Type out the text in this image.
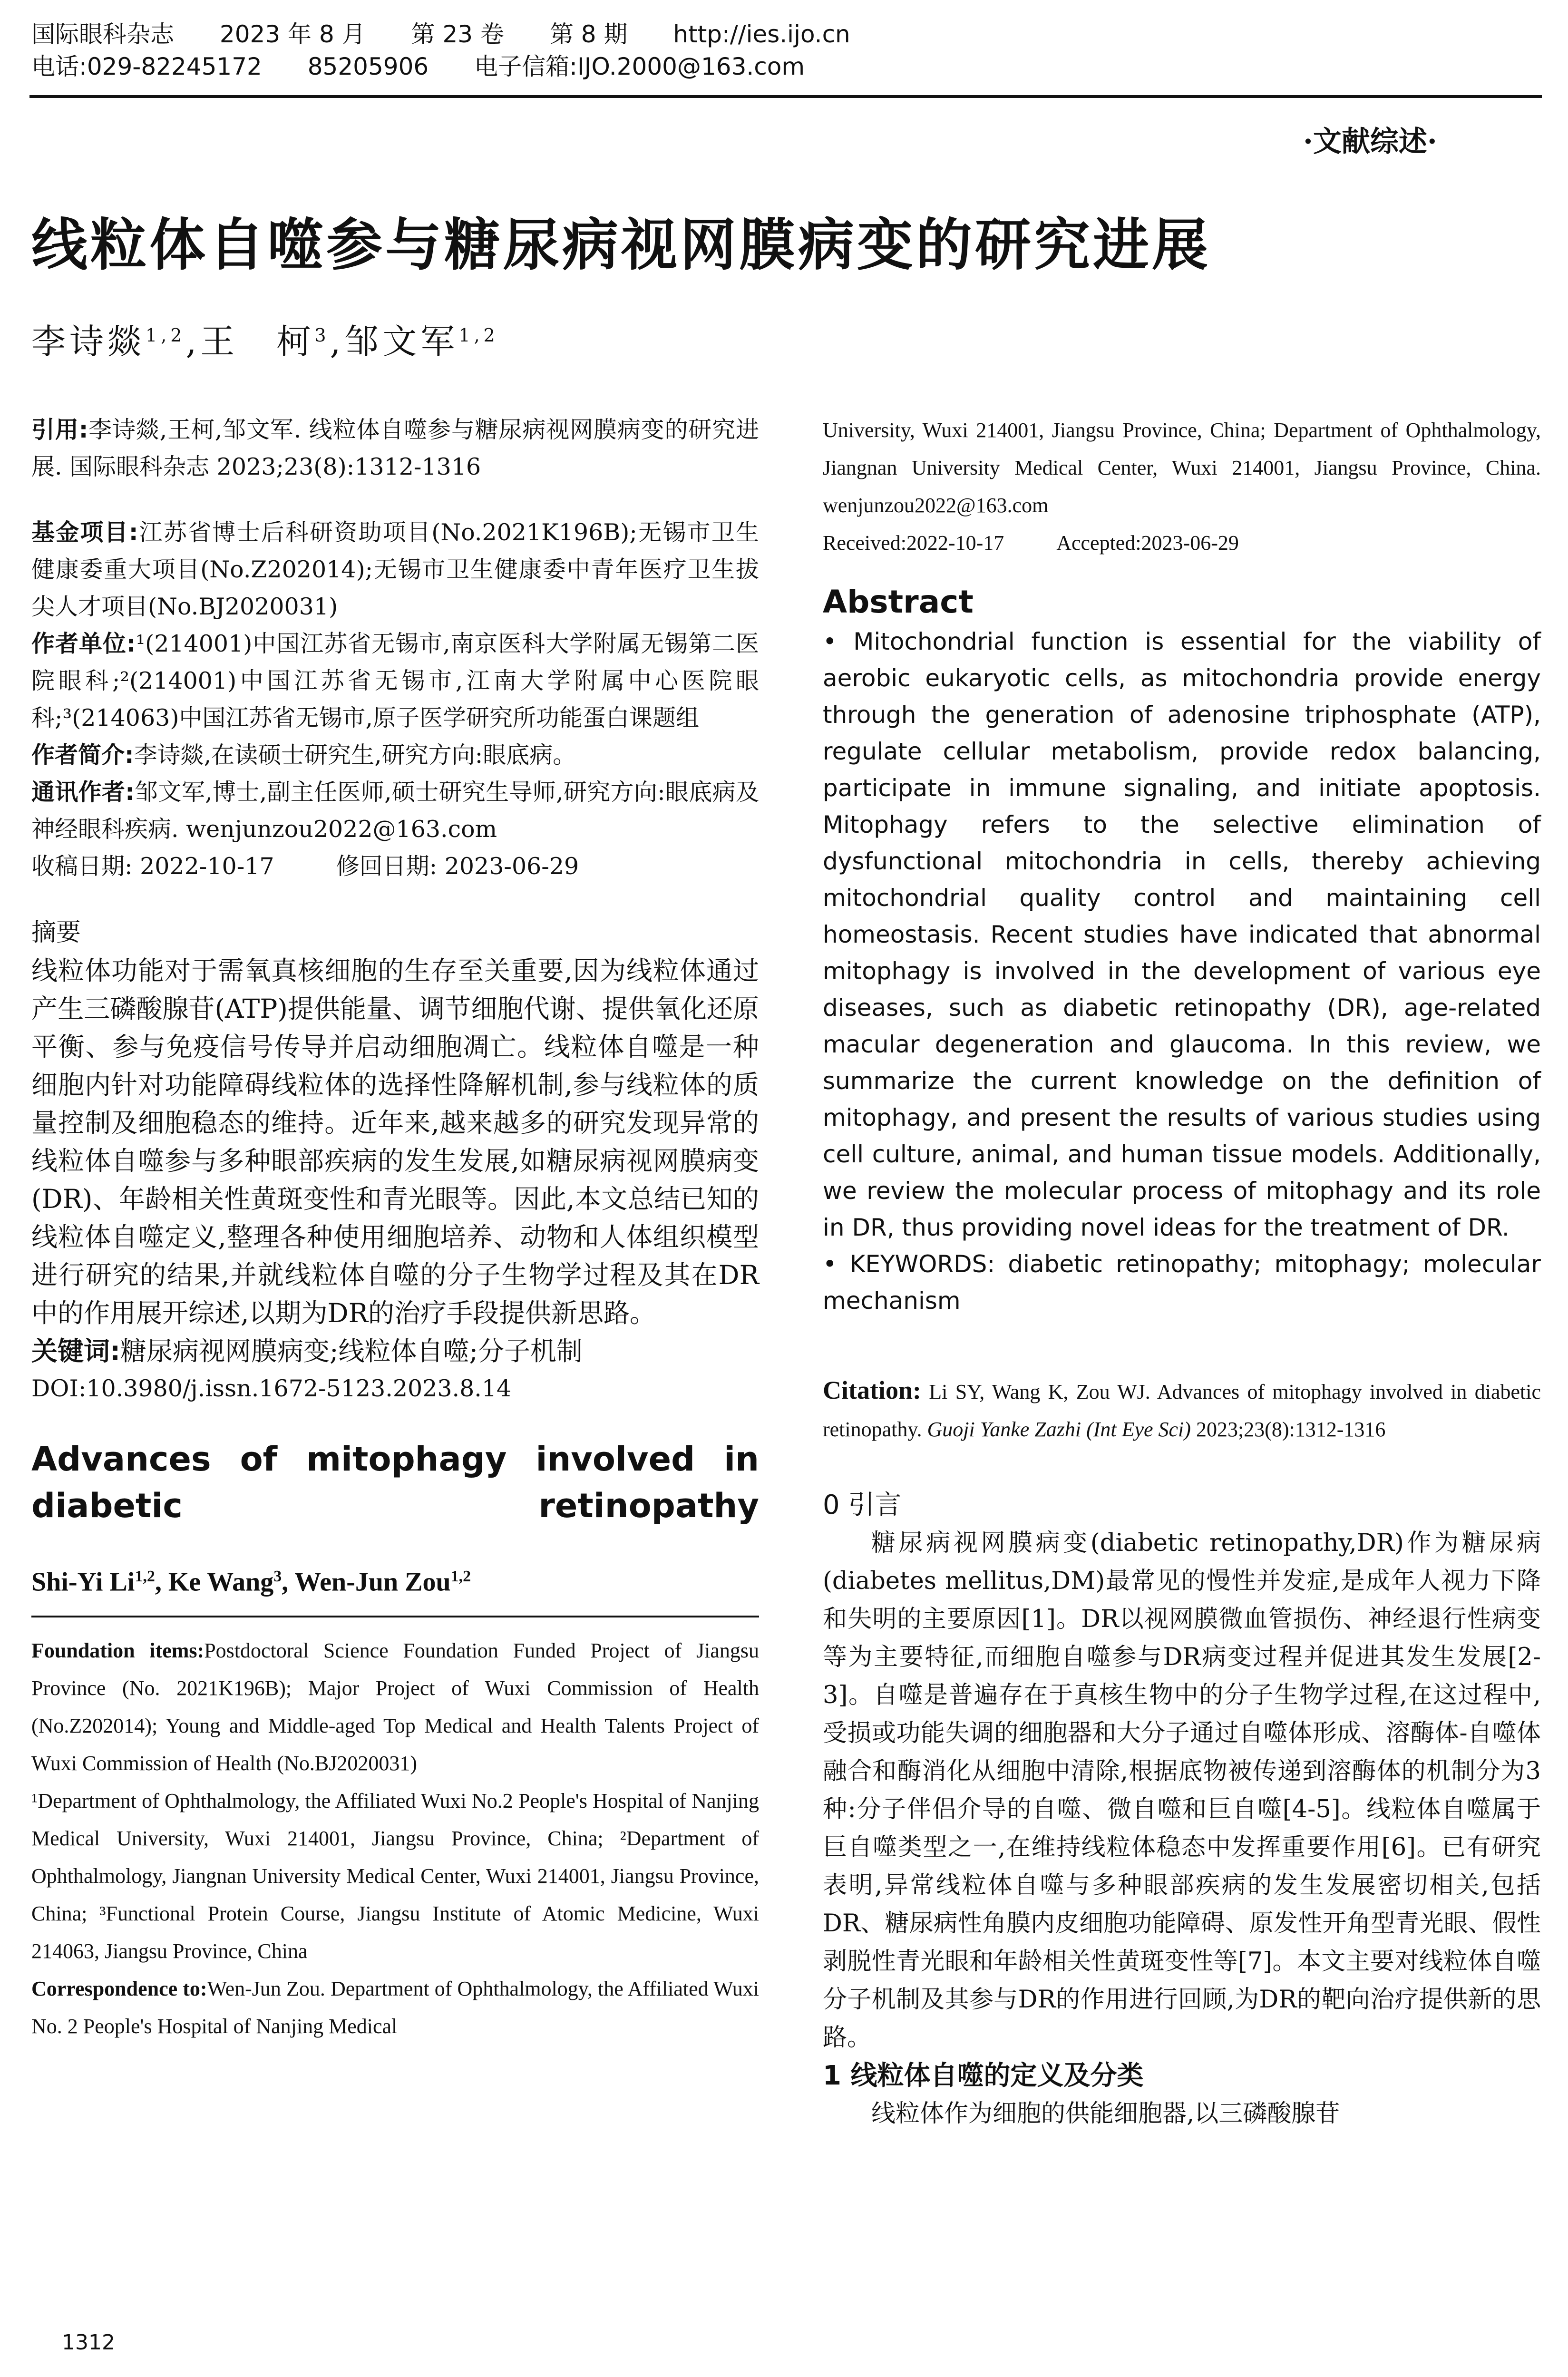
国际眼科杂志 2023 年 8 月 第 23 卷 第 8 期 http://ies.ijo.cn
电话:029-82245172 85205906 电子信箱:IJO.2000@163.com
·文献综述·
线粒体自噬参与糖尿病视网膜病变的研究进展
李诗燚$^{1,2}$,王　柯$^3$,邹文军$^{1,2}$

引用:李诗燚,王柯,邹文军. 线粒体自噬参与糖尿病视网膜病变的研究进展. 国际眼科杂志 2023;23(8):1312-1316

基金项目:江苏省博士后科研资助项目(No.2021K196B);无锡市卫生健康委重大项目(No.Z202014);无锡市卫生健康委中青年医疗卫生拔尖人才项目(No.BJ2020031)

作者单位:¹(214001)中国江苏省无锡市,南京医科大学附属无锡第二医院眼科;²(214001)中国江苏省无锡市,江南大学附属中心医院眼科;³(214063)中国江苏省无锡市,原子医学研究所功能蛋白课题组

作者简介:李诗燚,在读硕士研究生,研究方向:眼底病。

通讯作者:邹文军,博士,副主任医师,硕士研究生导师,研究方向:眼底病及神经眼科疾病. wenjunzou2022@163.com

收稿日期: 2022-10-17	修回日期: 2023-06-29

摘要

线粒体功能对于需氧真核细胞的生存至关重要,因为线粒体通过产生三磷酸腺苷(ATP)提供能量、调节细胞代谢、提供氧化还原平衡、参与免疫信号传导并启动细胞凋亡。线粒体自噬是一种细胞内针对功能障碍线粒体的选择性降解机制,参与线粒体的质量控制及细胞稳态的维持。近年来,越来越多的研究发现异常的线粒体自噬参与多种眼部疾病的发生发展,如糖尿病视网膜病变(DR)、年龄相关性黄斑变性和青光眼等。因此,本文总结已知的线粒体自噬定义,整理各种使用细胞培养、动物和人体组织模型进行研究的结果,并就线粒体自噬的分子生物学过程及其在DR中的作用展开综述,以期为DR的治疗手段提供新思路。

关键词:糖尿病视网膜病变;线粒体自噬;分子机制

DOI:10.3980/j.issn.1672-5123.2023.8.14

Advances of mitophagy involved in diabetic retinopathy

Shi-Yi Li$^{1,2}$, Ke Wang$^3$, Wen-Jun Zou$^{1,2}$

Foundation items:Postdoctoral Science Foundation Funded Project of Jiangsu Province (No. 2021K196B); Major Project of Wuxi Commission of Health (No.Z202014); Young and Middle-aged Top Medical and Health Talents Project of Wuxi Commission of Health (No.BJ2020031)

¹Department of Ophthalmology, the Affiliated Wuxi No.2 People's Hospital of Nanjing Medical University, Wuxi 214001, Jiangsu Province, China; ²Department of Ophthalmology, Jiangnan University Medical Center, Wuxi 214001, Jiangsu Province, China; ³Functional Protein Course, Jiangsu Institute of Atomic Medicine, Wuxi 214063, Jiangsu Province, China

Correspondence to:Wen-Jun Zou. Department of Ophthalmology, the Affiliated Wuxi No. 2 People's Hospital of Nanjing Medical

University, Wuxi 214001, Jiangsu Province, China; Department of Ophthalmology, Jiangnan University Medical Center, Wuxi 214001, Jiangsu Province, China. wenjunzou2022@163.com

Received:2022-10-17	Accepted:2023-06-29

Abstract

• Mitochondrial function is essential for the viability of aerobic eukaryotic cells, as mitochondria provide energy through the generation of adenosine triphosphate (ATP), regulate cellular metabolism, provide redox balancing, participate in immune signaling, and initiate apoptosis. Mitophagy refers to the selective elimination of dysfunctional mitochondria in cells, thereby achieving mitochondrial quality control and maintaining cell homeostasis. Recent studies have indicated that abnormal mitophagy is involved in the development of various eye diseases, such as diabetic retinopathy (DR), age-related macular degeneration and glaucoma. In this review, we summarize the current knowledge on the definition of mitophagy, and present the results of various studies using cell culture, animal, and human tissue models. Additionally, we review the molecular process of mitophagy and its role in DR, thus providing novel ideas for the treatment of DR.

• KEYWORDS: diabetic retinopathy; mitophagy; molecular mechanism

Citation: Li SY, Wang K, Zou WJ. Advances of mitophagy involved in diabetic retinopathy. Guoji Yanke Zazhi (Int Eye Sci) 2023;23(8):1312-1316

0 引言

糖尿病视网膜病变(diabetic retinopathy,DR)作为糖尿病(diabetes mellitus,DM)最常见的慢性并发症,是成年人视力下降和失明的主要原因[1]。DR以视网膜微血管损伤、神经退行性病变等为主要特征,而细胞自噬参与DR病变过程并促进其发生发展[2-3]。自噬是普遍存在于真核生物中的分子生物学过程,在这过程中,受损或功能失调的细胞器和大分子通过自噬体形成、溶酶体-自噬体融合和酶消化从细胞中清除,根据底物被传递到溶酶体的机制分为3种:分子伴侣介导的自噬、微自噬和巨自噬[4-5]。线粒体自噬属于巨自噬类型之一,在维持线粒体稳态中发挥重要作用[6]。已有研究表明,异常线粒体自噬与多种眼部疾病的发生发展密切相关,包括DR、糖尿病性角膜内皮细胞功能障碍、原发性开角型青光眼、假性剥脱性青光眼和年龄相关性黄斑变性等[7]。本文主要对线粒体自噬分子机制及其参与DR的作用进行回顾,为DR的靶向治疗提供新的思路。

1 线粒体自噬的定义及分类

线粒体作为细胞的供能细胞器,以三磷酸腺苷

1312
